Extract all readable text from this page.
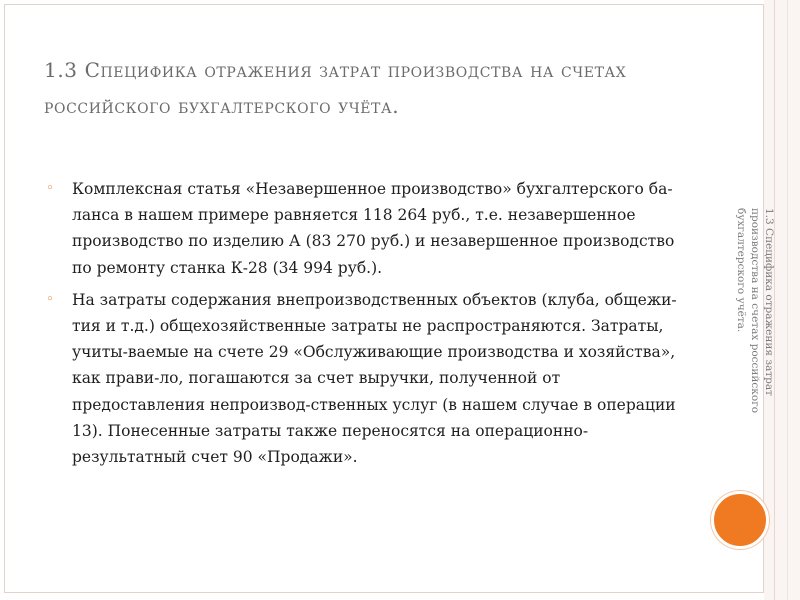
1.3 Специфика отражения затрат производства на счетах российского бухгалтерского учёта.
◦ Комплексная статья «Незавершенное производство» бухгалтерского ба-ланса в нашем примере равняется 118 264 руб., т.е. незавершенное производство по изделию А (83 270 руб.) и незавершенное производство по ремонту станка К-28 (34 994 руб.).
◦ На затраты содержания внепроизводственных объектов (клуба, общежи-тия и т.д.) общехозяйственные затраты не распространяются. Затраты, учиты-ваемые на счете 29 «Обслуживающие производства и хозяйства», как прави-ло, погашаются за счет выручки, полученной от предоставления непроизвод-ственных услуг (в нашем случае в операции 13). Понесенные затраты также переносятся на операционно-результатный счет 90 «Продажи».
1.3 Специфика отражения затрат производства на счетах российского бухгалтерского учёта.
